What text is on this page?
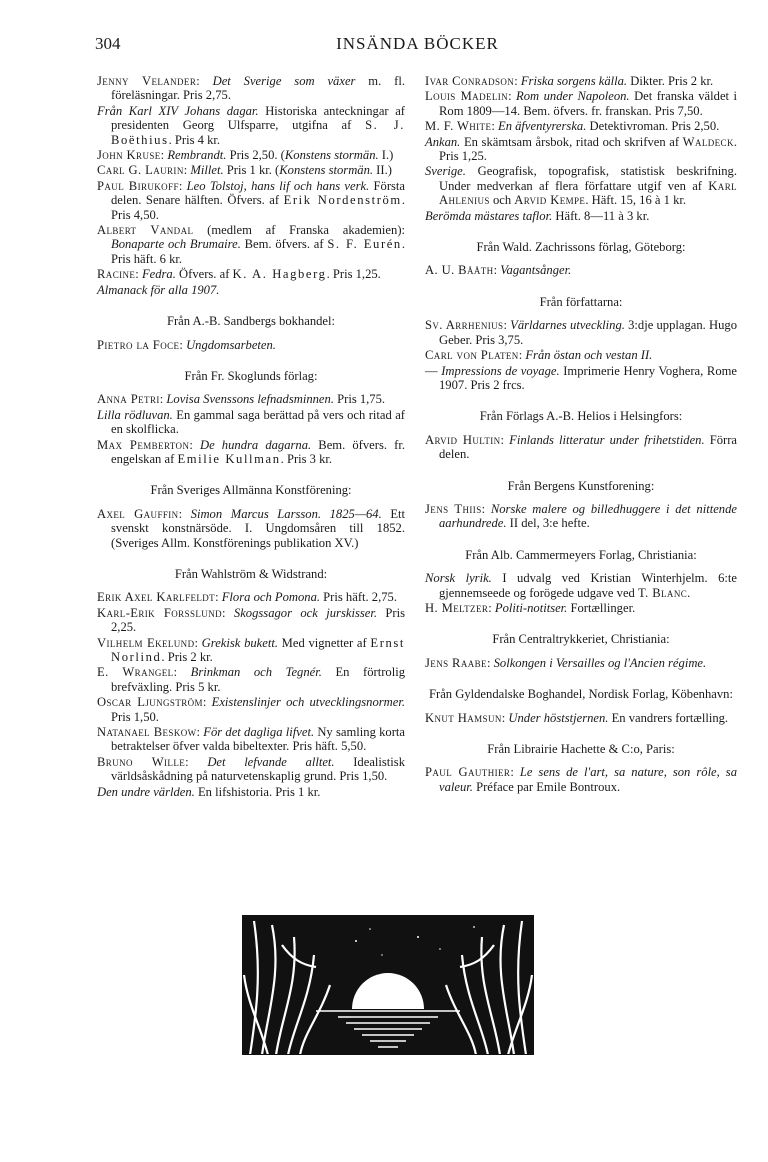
304	INSÄNDA BÖCKER
Jenny Velander: Det Sverige som växer m. fl. föreläsningar. Pris 2,75.
Från Karl XIV Johans dagar. Historiska anteckningar af presidenten Georg Ulfsparre, utgifna af S. J. Boëthius. Pris 4 kr.
John Kruse: Rembrandt. Pris 2,50. (Konstens stormän. I.)
Carl G. Laurin: Millet. Pris 1 kr. (Konstens stormän. II.)
Paul Birukoff: Leo Tolstoj, hans lif och hans verk. Första delen. Senare hälften. Öfvers. af Erik Nordenström. Pris 4,50.
Albert Vandal (medlem af Franska akademien): Bonaparte och Brumaire. Bem. öfvers. af S. F. Eurén. Pris häft. 6 kr.
Racine: Fedra. Öfvers. af K. A. Hagberg. Pris 1,25.
Almanack för alla 1907.
Från A.-B. Sandbergs bokhandel:
Pietro la Foce: Ungdomsarbeten.
Från Fr. Skoglunds förlag:
Anna Petri: Lovisa Svenssons lefnadsminnen. Pris 1,75.
Lilla rödluvan. En gammal saga berättad på vers och ritad af en skolflicka.
Max Pemberton: De hundra dagarna. Bem. öfvers. fr. engelskan af Emilie Kullman. Pris 3 kr.
Från Sveriges Allmänna Konstförening:
Axel Gauffin: Simon Marcus Larsson. 1825—64. Ett svenskt konstnärsöde. I. Ungdomsåren till 1852. (Sveriges Allm. Konstförenings publikation XV.)
Från Wahlström & Widstrand:
Erik Axel Karlfeldt: Flora och Pomona. Pris häft. 2,75.
Karl-Erik Forsslund: Skogssagor ock jurskisser. Pris 2,25.
Vilhelm Ekelund: Grekisk bukett. Med vignetter af Ernst Norlind. Pris 2 kr.
E. Wrangel: Brinkman och Tegnér. En förtrolig brefväxling. Pris 5 kr.
Oscar Ljungström: Existenslinjer och utvecklingsnormer. Pris 1,50.
Natanael Beskow: För det dagliga lifvet. Ny samling korta betraktelser öfver valda bibeltexter. Pris häft. 5,50.
Bruno Wille: Det lefvande alltet. Idealistisk världsåskådning på naturvetenskaplig grund. Pris 1,50.
Den undre världen. En lifshistoria. Pris 1 kr.
Ivar Conradson: Friska sorgens källa. Dikter. Pris 2 kr.
Louis Madelin: Rom under Napoleon. Det franska väldet i Rom 1809—14. Bem. öfvers. fr. franskan. Pris 7,50.
M. F. White: En äfventyrerska. Detektivroman. Pris 2,50.
Ankan. En skämtsam årsbok, ritad och skrifven af Waldeck. Pris 1,25.
Sverige. Geografisk, topografisk, statistisk beskrifning. Under medverkan af flera författare utgif ven af Karl Ahlenius och Arvid Kempe. Häft. 15, 16 à 1 kr.
Berömda mästares taflor. Häft. 8—11 à 3 kr.
Från Wald. Zachrissons förlag, Göteborg:
A. U. Bååth: Vagantsånger.
Från författarna:
Sv. Arrhenius: Världarnes utveckling. 3:dje upplagan. Hugo Geber. Pris 3,75.
Carl von Platen: Från östan och vestan II.
— Impressions de voyage. Imprimerie Henry Voghera, Rome 1907. Pris 2 frcs.
Från Förlags A.-B. Helios i Helsingfors:
Arvid Hultin: Finlands litteratur under frihetstiden. Förra delen.
Från Bergens Kunstforening:
Jens Thiis: Norske malere og billedhuggere i det nittende aarhundrede. II del, 3:e hefte.
Från Alb. Cammermeyers Forlag, Christiania:
Norsk lyrik. I udvalg ved Kristian Winterhjelm. 6:te gjennemseede og forögede udgave ved T. Blanc.
H. Meltzer: Politi-notitser. Fortællinger.
Från Centraltrykkeriet, Christiania:
Jens Raabe: Solkongen i Versailles og l'Ancien régime.
Från Gyldendalske Boghandel, Nordisk Forlag, Köbenhavn:
Knut Hamsun: Under höststjernen. En vandrers fortælling.
Från Librairie Hachette & C:o, Paris:
Paul Gauthier: Le sens de l'art, sa nature, son rôle, sa valeur. Préface par Emile Bontroux.
